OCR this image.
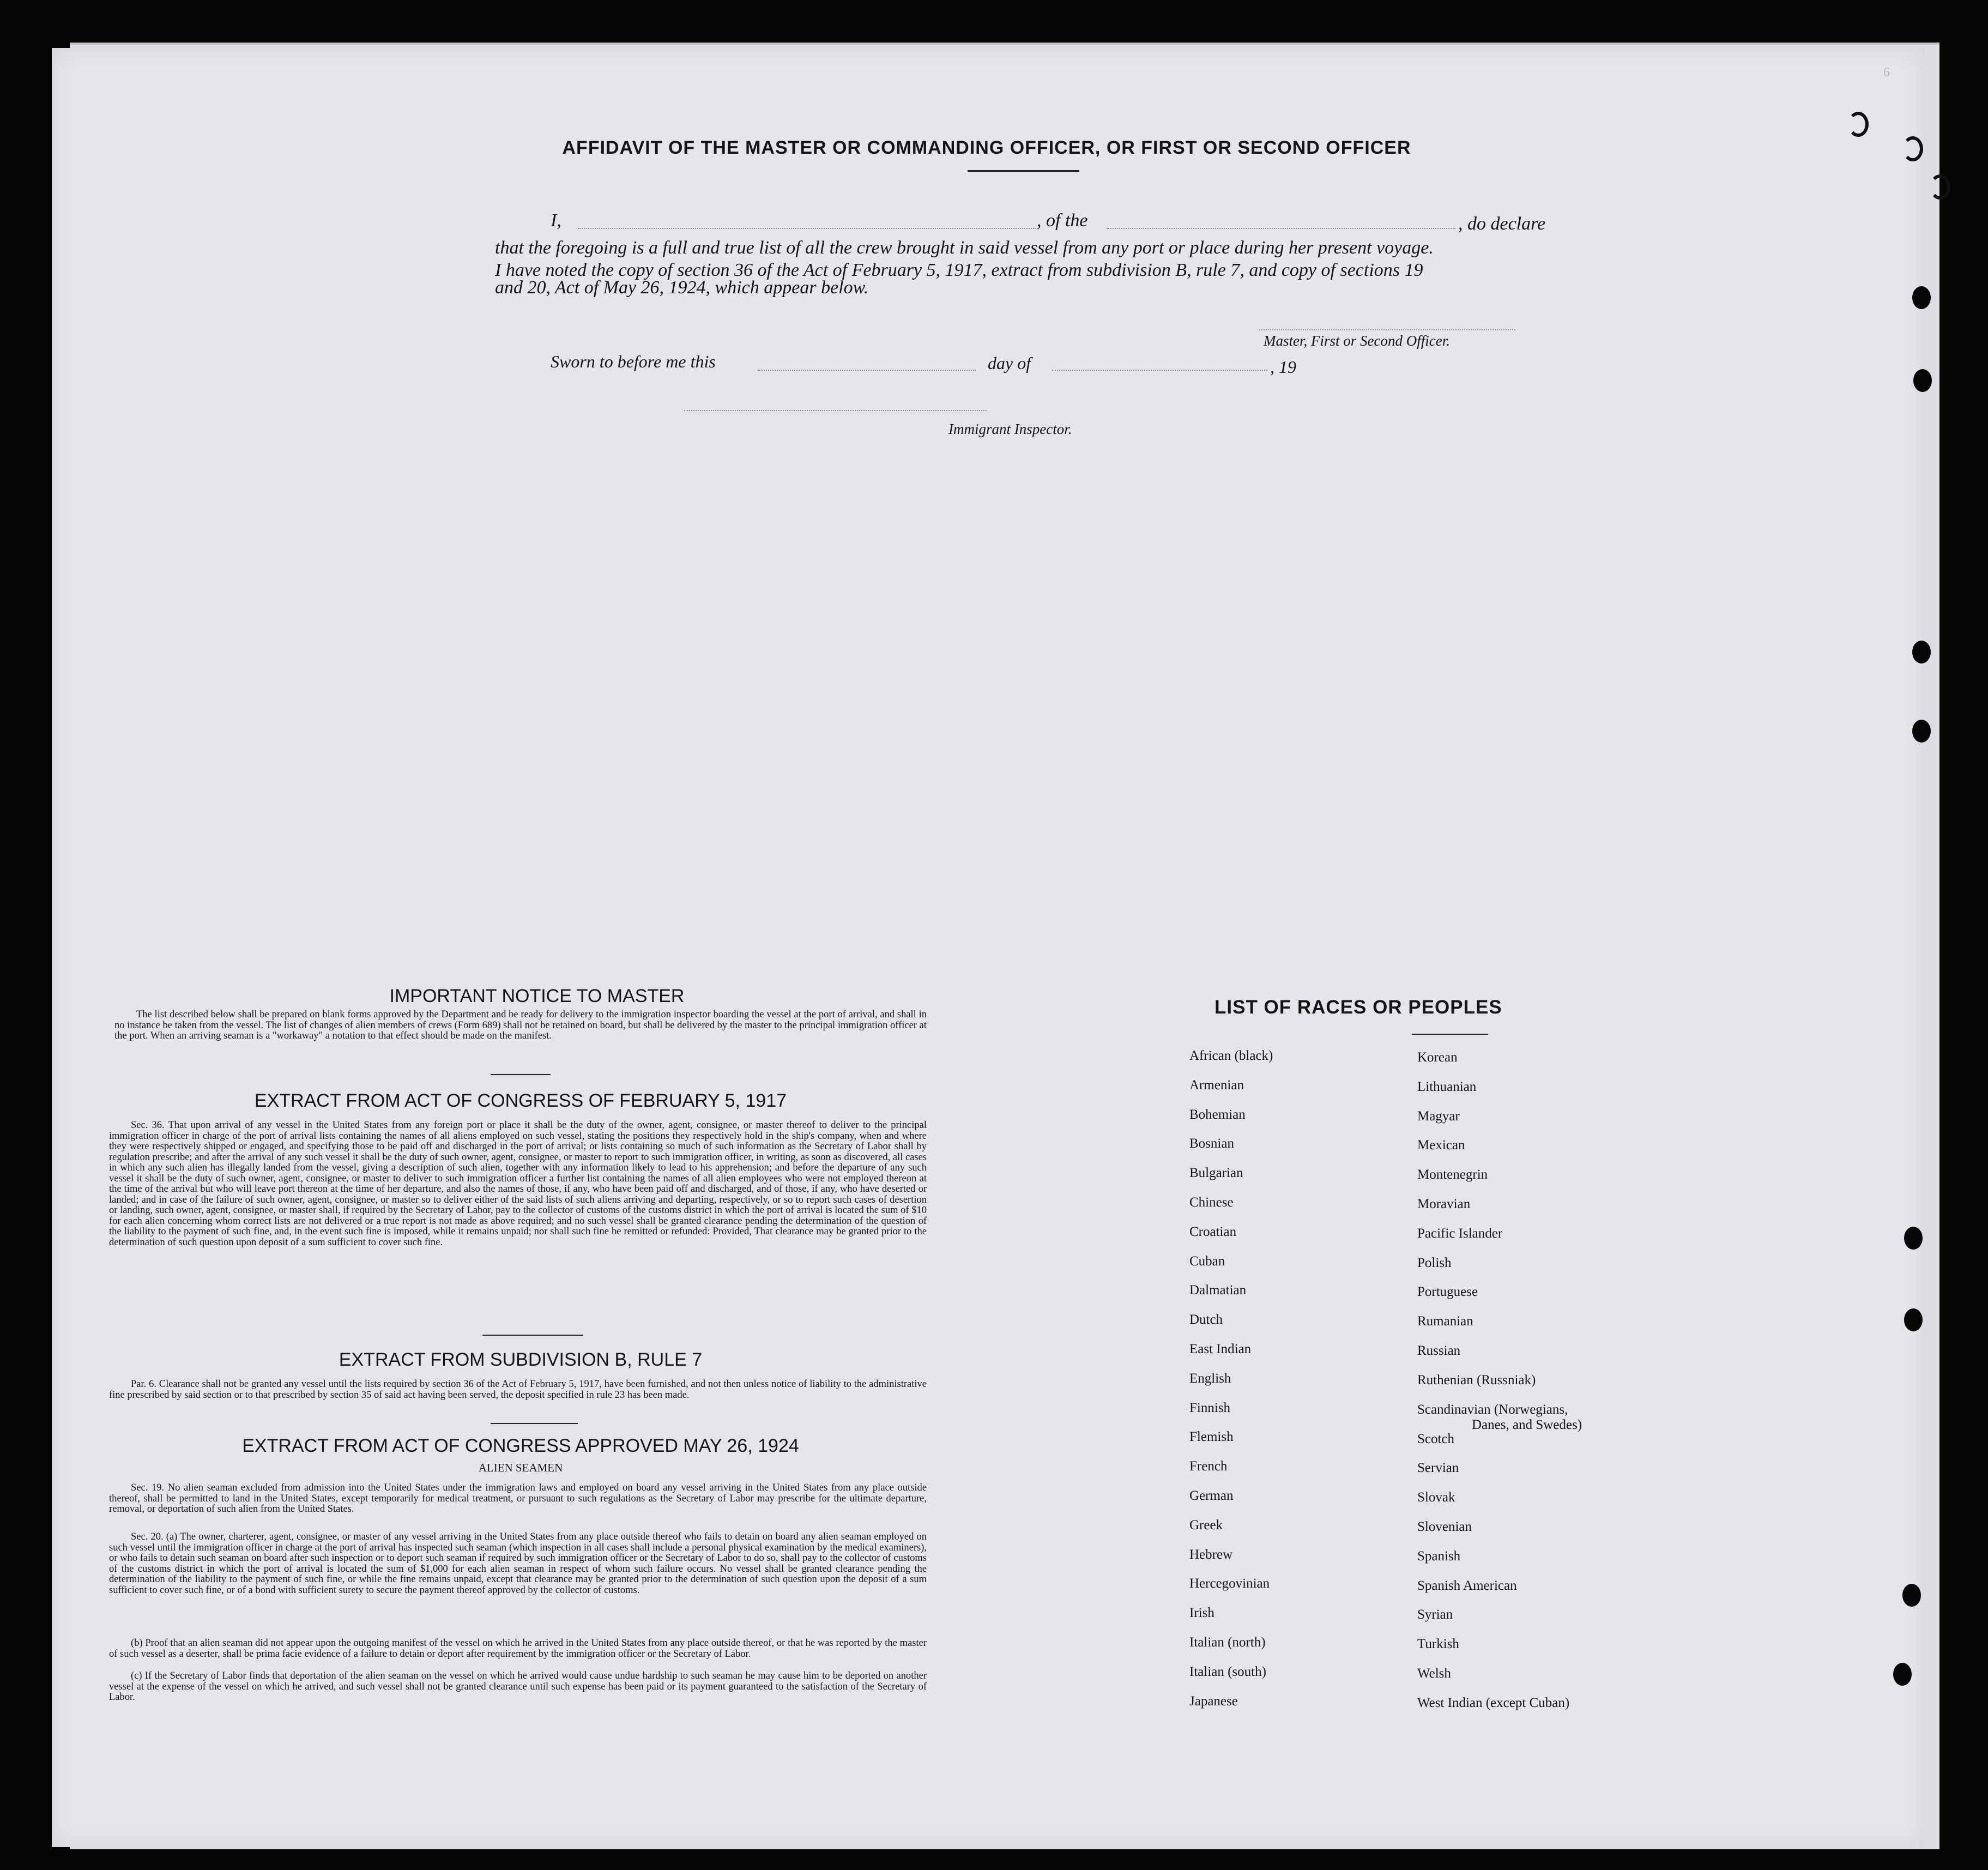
6
AFFIDAVIT OF THE MASTER OR COMMANDING OFFICER, OR FIRST OR SECOND OFFICER
I,	, of the	, do declare
that the foregoing is a full and true list of all the crew brought in said vessel from any port or place during her present voyage.
I have noted the copy of section 36 of the Act of February 5, 1917, extract from subdivision B, rule 7, and copy of sections 19
and 20, Act of May 26, 1924, which appear below.
Master, First or Second Officer.
Sworn to before me this	day of	, 19
Immigrant Inspector.
IMPORTANT NOTICE TO MASTER

The list described below shall be prepared on blank forms approved by the Department and be ready for delivery to the immigration inspector boarding the vessel at the port of arrival, and shall in no instance be taken from the vessel. The list of changes of alien members of crews (Form 689) shall not be retained on board, but shall be delivered by the master to the principal immigration officer at the port. When an arriving seaman is a "workaway" a notation to that effect should be made on the manifest.

EXTRACT FROM ACT OF CONGRESS OF FEBRUARY 5, 1917

Sec. 36. That upon arrival of any vessel in the United States from any foreign port or place it shall be the duty of the owner, agent, consignee, or master thereof to deliver to the principal immigration officer in charge of the port of arrival lists containing the names of all aliens employed on such vessel, stating the positions they respectively hold in the ship's company, when and where they were respectively shipped or engaged, and specifying those to be paid off and discharged in the port of arrival; or lists containing so much of such information as the Secretary of Labor shall by regulation prescribe; and after the arrival of any such vessel it shall be the duty of such owner, agent, consignee, or master to report to such immigration officer, in writing, as soon as discovered, all cases in which any such alien has illegally landed from the vessel, giving a description of such alien, together with any information likely to lead to his apprehension; and before the departure of any such vessel it shall be the duty of such owner, agent, consignee, or master to deliver to such immigration officer a further list containing the names of all alien employees who were not employed thereon at the time of the arrival but who will leave port thereon at the time of her departure, and also the names of those, if any, who have been paid off and discharged, and of those, if any, who have deserted or landed; and in case of the failure of such owner, agent, consignee, or master so to deliver either of the said lists of such aliens arriving and departing, respectively, or so to report such cases of desertion or landing, such owner, agent, consignee, or master shall, if required by the Secretary of Labor, pay to the collector of customs of the customs district in which the port of arrival is located the sum of $10 for each alien concerning whom correct lists are not delivered or a true report is not made as above required; and no such vessel shall be granted clearance pending the determination of the question of the liability to the payment of such fine, and, in the event such fine is imposed, while it remains unpaid; nor shall such fine be remitted or refunded: Provided, That clearance may be granted prior to the determination of such question upon deposit of a sum sufficient to cover such fine.

EXTRACT FROM SUBDIVISION B, RULE 7

Par. 6. Clearance shall not be granted any vessel until the lists required by section 36 of the Act of February 5, 1917, have been furnished, and not then unless notice of liability to the administrative fine prescribed by said section or to that prescribed by section 35 of said act having been served, the deposit specified in rule 23 has been made.

EXTRACT FROM ACT OF CONGRESS APPROVED MAY 26, 1924
ALIEN SEAMEN

Sec. 19. No alien seaman excluded from admission into the United States under the immigration laws and employed on board any vessel arriving in the United States from any place outside thereof, shall be permitted to land in the United States, except temporarily for medical treatment, or pursuant to such regulations as the Secretary of Labor may prescribe for the ultimate departure, removal, or deportation of such alien from the United States.

Sec. 20. (a) The owner, charterer, agent, consignee, or master of any vessel arriving in the United States from any place outside thereof who fails to detain on board any alien seaman employed on such vessel until the immigration officer in charge at the port of arrival has inspected such seaman (which inspection in all cases shall include a personal physical examination by the medical examiners), or who fails to detain such seaman on board after such inspection or to deport such seaman if required by such immigration officer or the Secretary of Labor to do so, shall pay to the collector of customs of the customs district in which the port of arrival is located the sum of $1,000 for each alien seaman in respect of whom such failure occurs. No vessel shall be granted clearance pending the determination of the liability to the payment of such fine, or while the fine remains unpaid, except that clearance may be granted prior to the determination of such question upon the deposit of a sum sufficient to cover such fine, or of a bond with sufficient surety to secure the payment thereof approved by the collector of customs.

(b) Proof that an alien seaman did not appear upon the outgoing manifest of the vessel on which he arrived in the United States from any place outside thereof, or that he was reported by the master of such vessel as a deserter, shall be prima facie evidence of a failure to detain or deport after requirement by the immigration officer or the Secretary of Labor.

(c) If the Secretary of Labor finds that deportation of the alien seaman on the vessel on which he arrived would cause undue hardship to such seaman he may cause him to be deported on another vessel at the expense of the vessel on which he arrived, and such vessel shall not be granted clearance until such expense has been paid or its payment guaranteed to the satisfaction of the Secretary of Labor.

LIST OF RACES OR PEOPLES
African (black)
Armenian
Bohemian
Bosnian
Bulgarian
Chinese
Croatian
Cuban
Dalmatian
Dutch
East Indian
English
Finnish
Flemish
French
German
Greek
Hebrew
Hercegovinian
Irish
Italian (north)
Italian (south)
Japanese
Korean
Lithuanian
Magyar
Mexican
Montenegrin
Moravian
Pacific Islander
Polish
Portuguese
Rumanian
Russian
Ruthenian (Russniak)
Scandinavian (Norwegians,
Danes, and Swedes)
Scotch
Servian
Slovak
Slovenian
Spanish
Spanish American
Syrian
Turkish
Welsh
West Indian (except Cuban)
